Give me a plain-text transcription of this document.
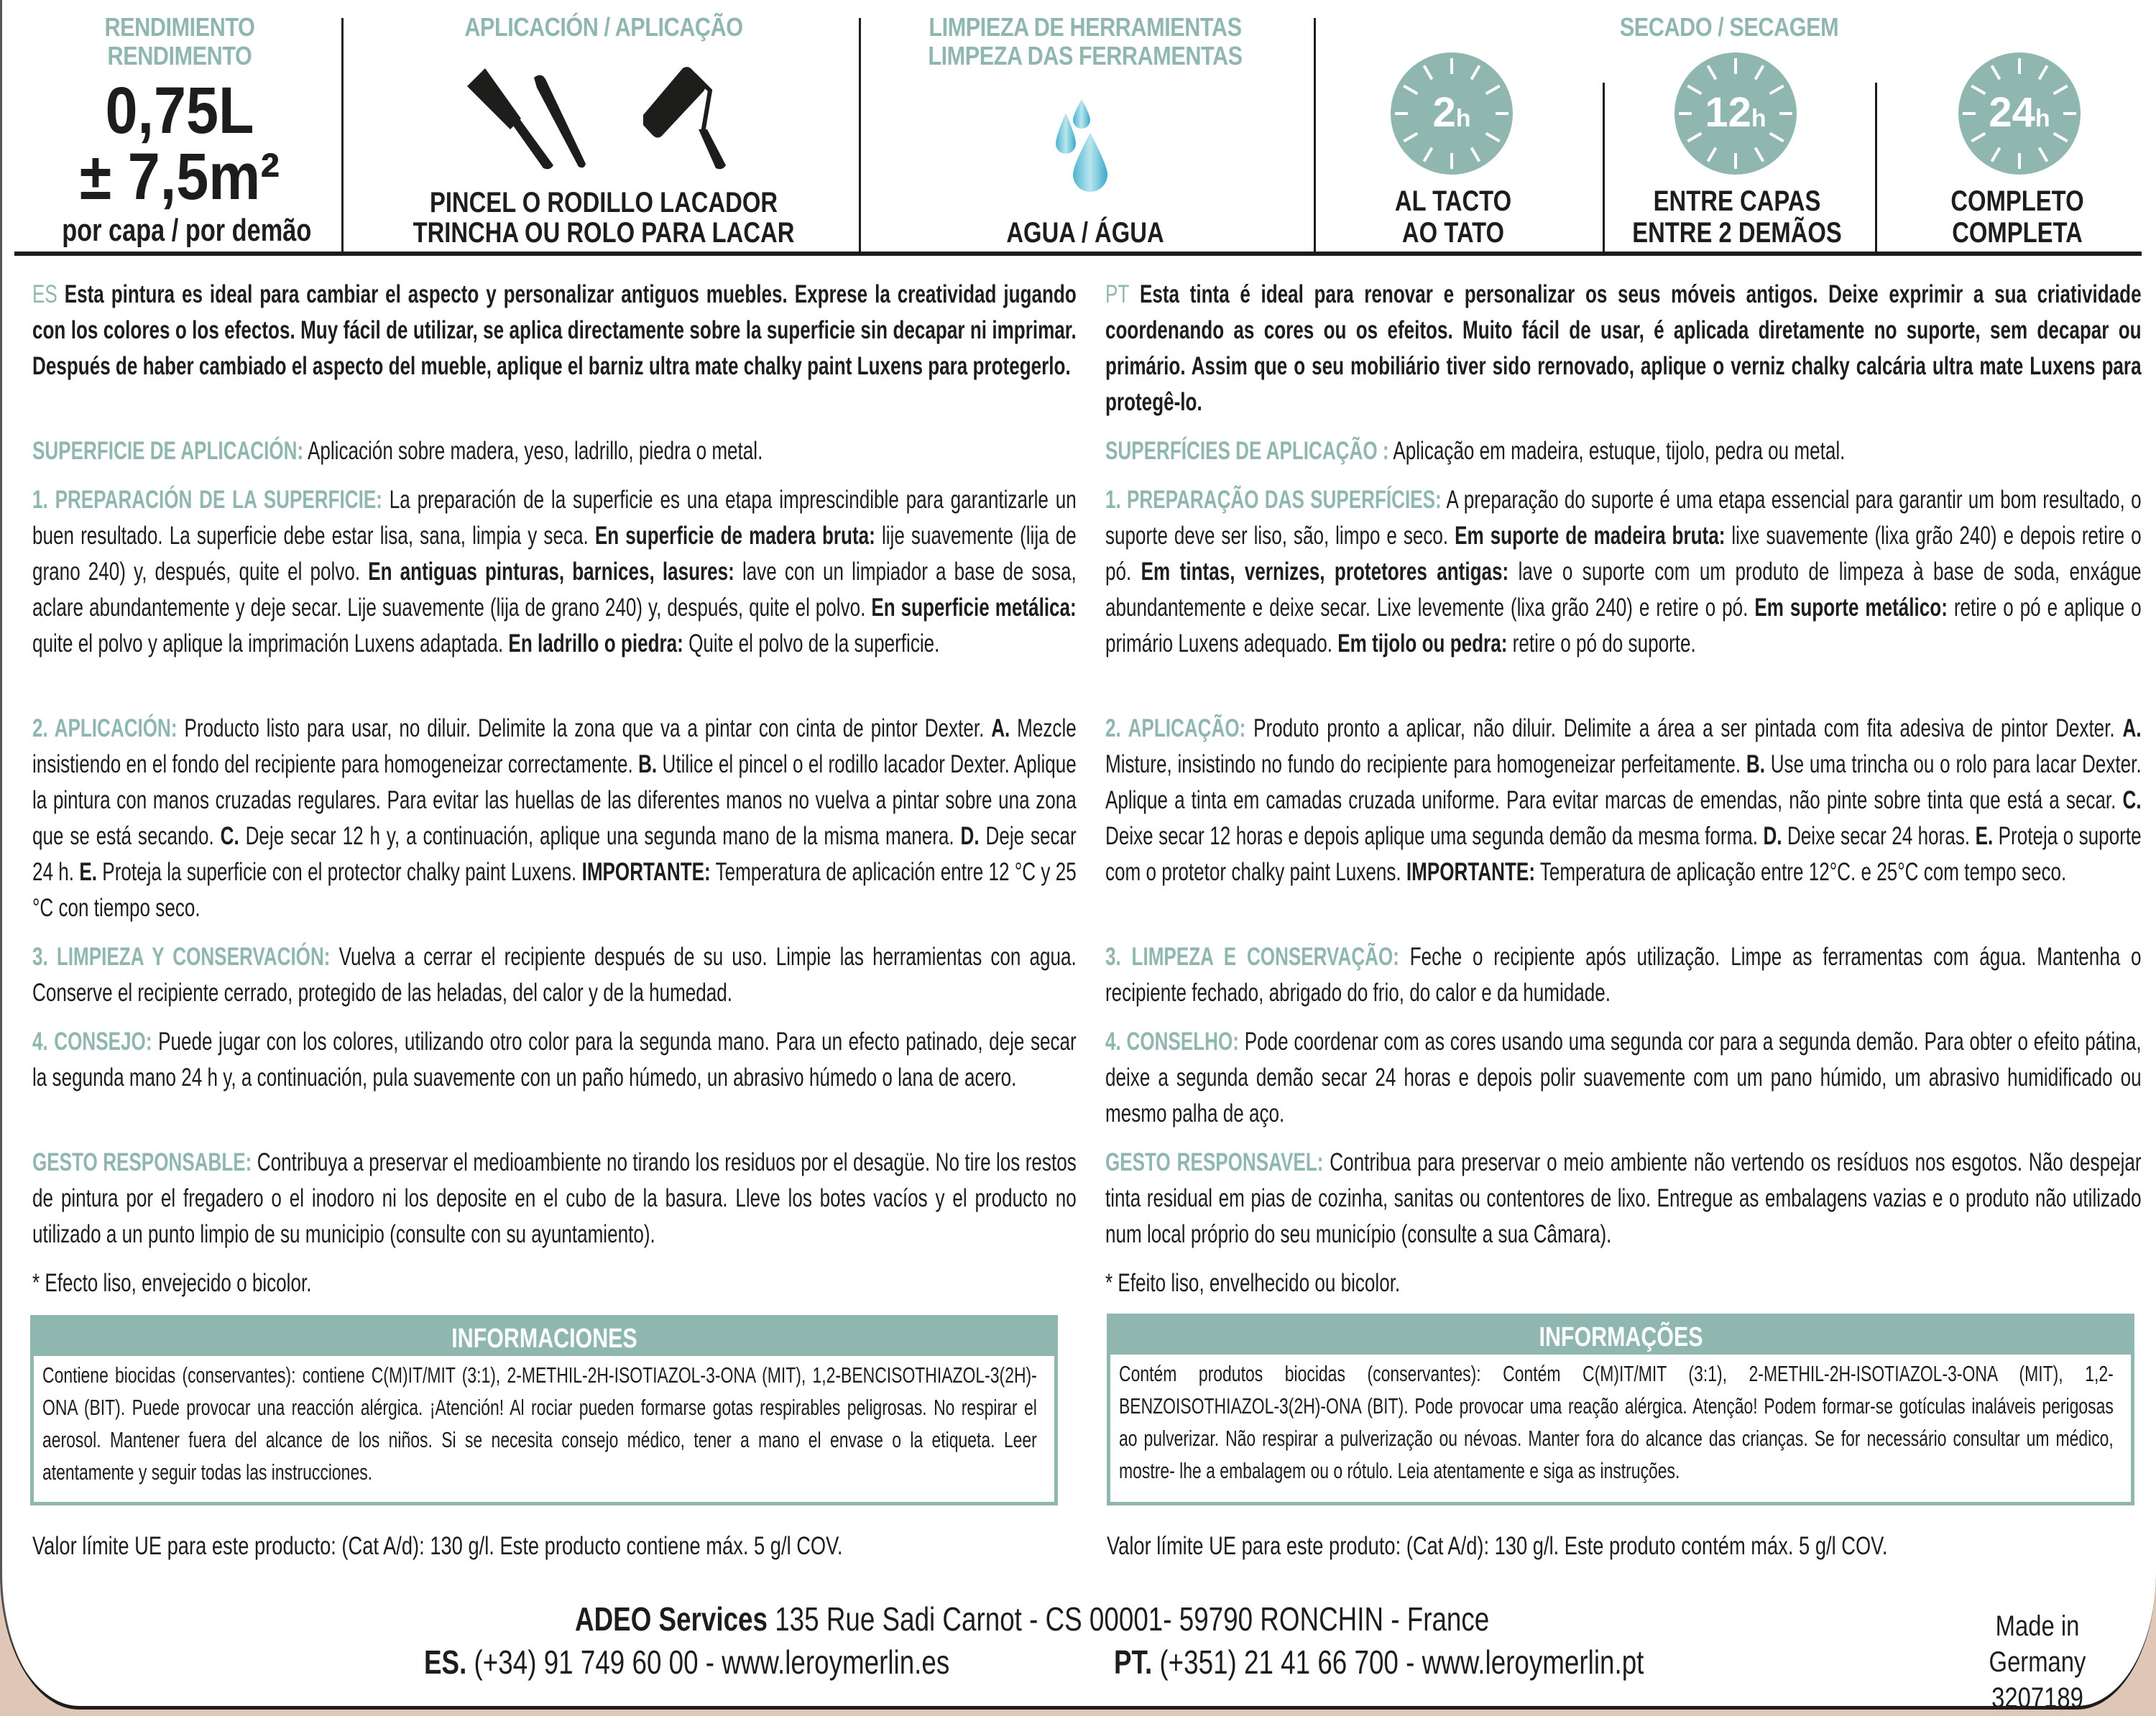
RENDIMIENTO
RENDIMENTO
0,75L
± 7,5m²
por capa / por demão
APLICACIÓN / APLICAÇÃO
PINCEL O RODILLO LACADOR
TRINCHA OU ROLO PARA LACAR
LIMPIEZA DE HERRAMIENTAS
LIMPEZA DAS FERRAMENTAS
AGUA / ÁGUA
SECADO / SECAGEM
2h
AL TACTO
AO TATO
12h
ENTRE CAPAS
ENTRE 2 DEMÃOS
24h
COMPLETO
COMPLETA
ES Esta pintura es ideal para cambiar el aspecto y personalizar antiguos muebles. Exprese la creatividad jugando con los colores o los efectos. Muy fácil de utilizar, se aplica directamente sobre la superficie sin decapar ni imprimar. Después de haber cambiado el aspecto del mueble, aplique el barniz ultra mate chalky paint Luxens para protegerlo.
SUPERFICIE DE APLICACIÓN: Aplicación sobre madera, yeso, ladrillo, piedra o metal.
1. PREPARACIÓN DE LA SUPERFICIE: La preparación de la superficie es una etapa imprescindible para garantizarle un buen resultado. La superficie debe estar lisa, sana, limpia y seca. En superficie de madera bruta: lije suavemente (lija de grano 240) y, después, quite el polvo. En antiguas pinturas, barnices, lasures: lave con un limpiador a base de sosa, aclare abundantemente y deje secar. Lije suavemente (lija de grano 240) y, después, quite el polvo. En superficie metálica: quite el polvo y aplique la imprimación Luxens adaptada. En ladrillo o piedra: Quite el polvo de la superficie.
2. APLICACIÓN: Producto listo para usar, no diluir. Delimite la zona que va a pintar con cinta de pintor Dexter. A. Mezcle insistiendo en el fondo del recipiente para homogeneizar correctamente. B. Utilice el pincel o el rodillo lacador Dexter. Aplique la pintura con manos cruzadas regulares. Para evitar las huellas de las diferentes manos no vuelva a pintar sobre una zona que se está secando. C. Deje secar 12 h y, a continuación, aplique una segunda mano de la misma manera. D. Deje secar 24 h. E. Proteja la superficie con el protector chalky paint Luxens. IMPORTANTE: Temperatura de aplicación entre 12 °C y 25 °C con tiempo seco.
3. LIMPIEZA Y CONSERVACIÓN: Vuelva a cerrar el recipiente después de su uso. Limpie las herramientas con agua. Conserve el recipiente cerrado, protegido de las heladas, del calor y de la humedad.
4. CONSEJO: Puede jugar con los colores, utilizando otro color para la segunda mano. Para un efecto patinado, deje secar la segunda mano 24 h y, a continuación, pula suavemente con un paño húmedo, un abrasivo húmedo o lana de acero.
GESTO RESPONSABLE: Contribuya a preservar el medioambiente no tirando los residuos por el desagüe. No tire los restos de pintura por el fregadero o el inodoro ni los deposite en el cubo de la basura. Lleve los botes vacíos y el producto no utilizado a un punto limpio de su municipio (consulte con su ayuntamiento).
* Efecto liso, envejecido o bicolor.
PT Esta tinta é ideal para renovar e personalizar os seus móveis antigos. Deixe exprimir a sua criatividade coordenando as cores ou os efeitos. Muito fácil de usar, é aplicada diretamente no suporte, sem decapar ou primário. Assim que o seu mobiliário tiver sido rernovado, aplique o verniz chalky calcária ultra mate Luxens para protegê-lo.
SUPERFÍCIES DE APLICAÇÃO : Aplicação em madeira, estuque, tijolo, pedra ou metal.
1. PREPARAÇÃO DAS SUPERFÍCIES: A preparação do suporte é uma etapa essencial para garantir um bom resultado, o suporte deve ser liso, são, limpo e seco. Em suporte de madeira bruta: lixe suavemente (lixa grão 240) e depois retire o pó. Em tintas, vernizes, protetores antigas: lave o suporte com um produto de limpeza à base de soda, enxágue abundantemente e deixe secar. Lixe levemente (lixa grão 240) e retire o pó. Em suporte metálico: retire o pó e aplique o primário Luxens adequado. Em tijolo ou pedra: retire o pó do suporte.
2. APLICAÇÃO: Produto pronto a aplicar, não diluir. Delimite a área a ser pintada com fita adesiva de pintor Dexter. A. Misture, insistindo no fundo do recipiente para homogeneizar perfeitamente. B. Use uma trincha ou o rolo para lacar Dexter. Aplique a tinta em camadas cruzada uniforme. Para evitar marcas de emendas, não pinte sobre tinta que está a secar. C. Deixe secar 12 horas e depois aplique uma segunda demão da mesma forma. D. Deixe secar 24 horas. E. Proteja o suporte com o protetor chalky paint Luxens. IMPORTANTE: Temperatura de aplicação entre 12°C. e 25°C com tempo seco.
3. LIMPEZA E CONSERVAÇÃO: Feche o recipiente após utilização. Limpe as ferramentas com água. Mantenha o recipiente fechado, abrigado do frio, do calor e da humidade.
4. CONSELHO: Pode coordenar com as cores usando uma segunda cor para a segunda demão. Para obter o efeito pátina, deixe a segunda demão secar 24 horas e depois polir suavemente com um pano húmido, um abrasivo humidificado ou mesmo palha de aço.
GESTO RESPONSAVEL: Contribua para preservar o meio ambiente não vertendo os resíduos nos esgotos. Não despejar tinta residual em pias de cozinha, sanitas ou contentores de lixo. Entregue as embalagens vazias e o produto não utilizado num local próprio do seu município (consulte a sua Câmara).
* Efeito liso, envelhecido ou bicolor.
INFORMACIONES
Contiene biocidas (conservantes): contiene C(M)IT/MIT (3:1), 2-METHIL-2H-ISOTIAZOL-3-ONA (MIT), 1,2-BENCISOTHIAZOL-3(2H)-ONA (BIT). Puede provocar una reacción alérgica. ¡Atención! Al rociar pueden formarse gotas respirables peligrosas. No respirar el aerosol. Mantener fuera del alcance de los niños. Si se necesita consejo médico, tener a mano el envase o la etiqueta. Leer atentamente y seguir todas las instrucciones.
INFORMAÇÕES
Contém produtos biocidas (conservantes): Contém C(M)IT/MIT (3:1), 2-METHIL-2H-ISOTIAZOL-3-ONA (MIT), 1,2-BENZOISOTHIAZOL-3(2H)-ONA (BIT). Pode provocar uma reação alérgica. Atenção! Podem formar-se gotículas inaláveis perigosas ao pulverizar. Não respirar a pulverização ou névoas. Manter fora do alcance das crianças. Se for necessário consultar um médico, mostre- lhe a embalagem ou o rótulo. Leia atentamente e siga as instruções.
Valor límite UE para este producto: (Cat A/d): 130 g/l. Este producto contiene máx. 5 g/l COV.	Valor límite UE para este produto: (Cat A/d): 130 g/l. Este produto contém máx. 5 g/l COV.
ADEO Services 135 Rue Sadi Carnot - CS 00001- 59790 RONCHIN - France
ES. (+34) 91 749 60 00 - www.leroymerlin.es	PT. (+351) 21 41 66 700 - www.leroymerlin.pt
Made in Germany
3207189
